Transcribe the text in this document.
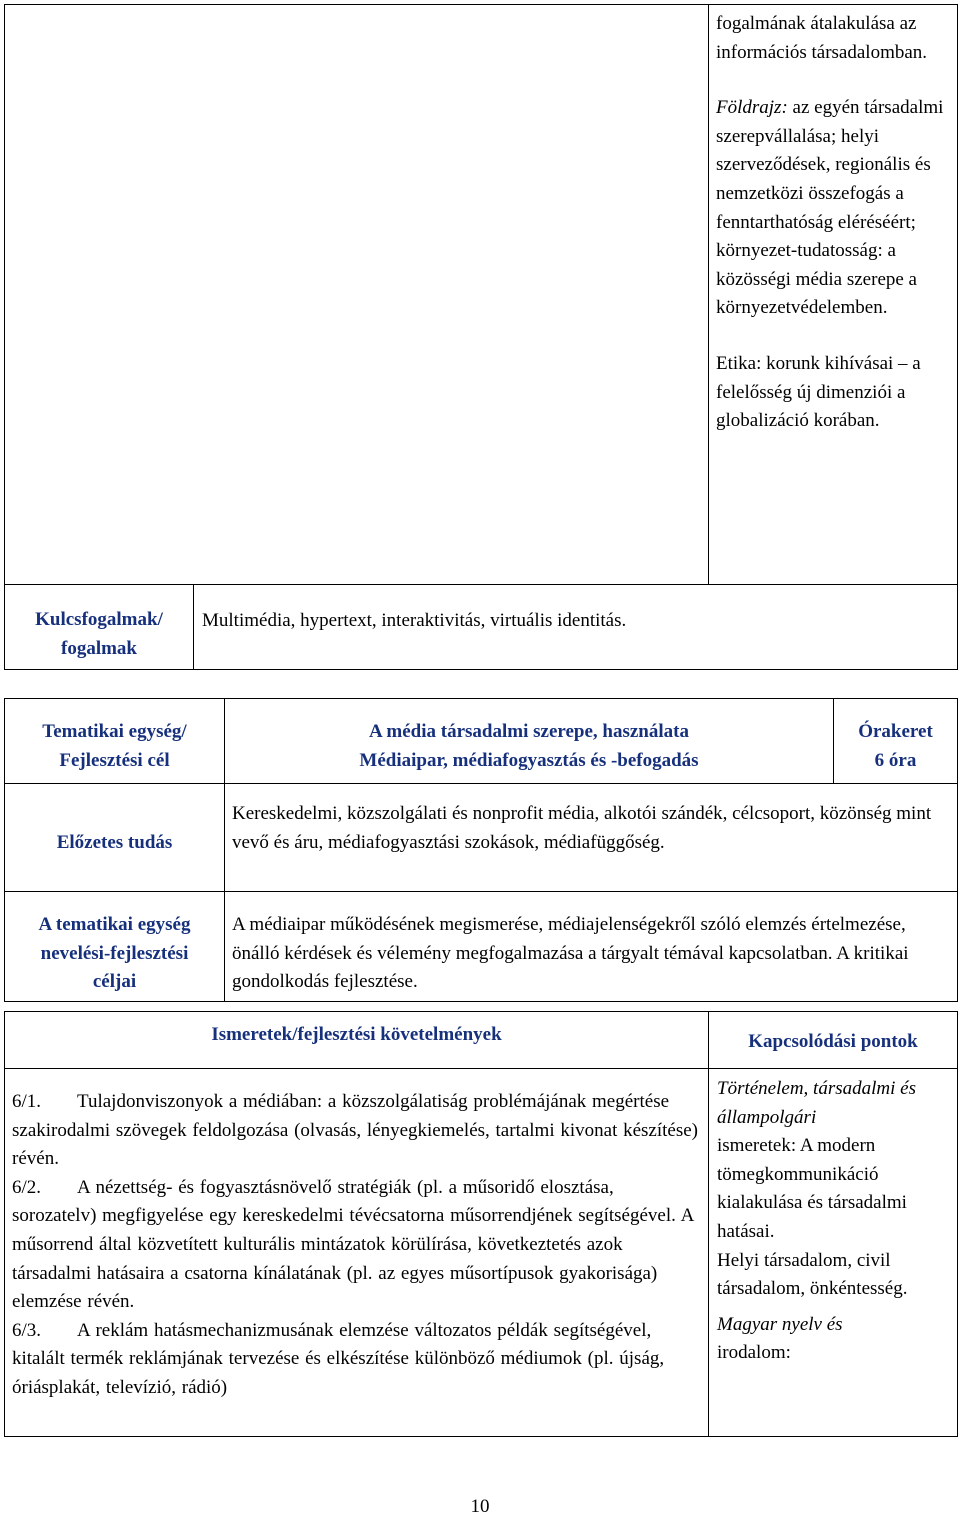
fogalmának átalakulása az információs társadalomban.

Földrajz: az egyén társadalmi szerepvállalása; helyi szerveződések, regionális és nemzetközi összefogás a fenntarthatóság eléréséért; környezet-tudatosság: a közösségi média szerepe a környezetvédelemben.

Etika: korunk kihívásai – a felelősség új dimenziói a globalizáció korában.

Kulcsfogalmak/
fogalmak
Multimédia, hypertext, interaktivitás, virtuális identitás.
Tematikai egység/
Fejlesztési cél
A média társadalmi szerepe, használata
Médiaipar, médiafogyasztás és -befogadás
Órakeret
6 óra
Előzetes tudás
Kereskedelmi, közszolgálati és nonprofit média, alkotói szándék, célcsoport, közönség mint vevő és áru, médiafogyasztási szokások, médiafüggőség.
A tematikai egység
nevelési-fejlesztési
céljai
A médiaipar működésének megismerése, médiajelenségekről szóló elemzés értelmezése, önálló kérdések és vélemény megfogalmazása a tárgyalt témával kapcsolatban. A kritikai gondolkodás fejlesztése.
Ismeretek/fejlesztési követelmények	Kapcsolódási pontok

6/1. Tulajdonviszonyok a médiában: a közszolgálatiság problémájának megértése szakirodalmi szövegek feldolgozása (olvasás, lényegkiemelés, tartalmi kivonat készítése) révén.

6/2. A nézettség- és fogyasztásnövelő stratégiák (pl. a műsoridő elosztása, sorozatelv) megfigyelése egy kereskedelmi tévécsatorna műsorrendjének segítségével. A műsorrend által közvetített kulturális mintázatok körülírása, következtetés azok társadalmi hatásaira a csatorna kínálatának (pl. az egyes műsortípusok gyakorisága) elemzése révén.

6/3. A reklám hatásmechanizmusának elemzése változatos példák segítségével, kitalált termék reklámjának tervezése és elkészítése különböző médiumok (pl. újság, óriásplakát, televízió, rádió)

Történelem, társadalmi és állampolgári

ismeretek: A modern tömegkommunikáció kialakulása és társadalmi hatásai.

Helyi társadalom, civil társadalom, önkéntesség.

Magyar nyelv és

irodalom:

10
